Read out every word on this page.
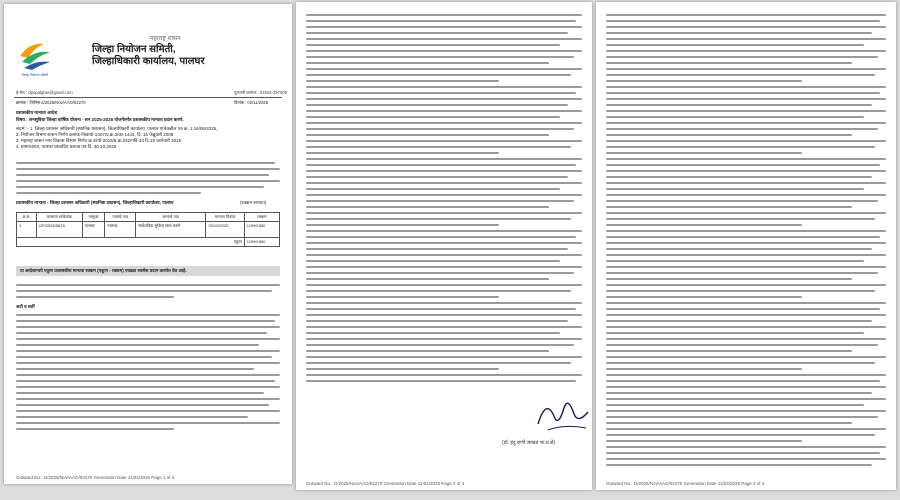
जिल्हा नियोजन समिती
महाराष्ट्र शासन
जिल्हा नियोजन समिती,
जिल्हाधिकारी कार्यालय, पालघर
ई-मेल : dpopalghar@gmail.com	दूरध्वनी क्रमांक : 02525-297009
क्रमांक : जिनिस-2/2025/Nov/AAO/02270	दिनांक : 02/11/2025
प्रशासकीय मान्यता आदेश
विषय : जनसुविधा जिल्हा वार्षिक योजना - सन 2025-2026 योजनेंतर्गत प्रशासकीय मान्यता प्रदान करणे.
संदर्भ :- 1. जिल्हा प्रशासन अधिकारी (स्थानिक प्रशासन), जिल्हाधिकारी कार्यालय, पालघर यांचेकडील पत्र क्र. 1 16/06/2025,
2. नियोजन विभाग शासन निर्णय क्रमांक-जिवायो-1007/प्र.क्र.3/का-1444, दि. 16 फेब्रुवारी 2008
3. महाराष्ट्र शासन नगर विकास विभाग निर्णय क्र.वरपो-2015/प्र.क्र.232/नवि-33 दि.18 जानेवारी 2016
4. ग्रामपंचायत, पालघर प्रस्तावित प्रस्ताव पत्र दि. 30.10.2025
प्रशासकीय मान्यता - जिल्हा प्रशासन अधिकारी (स्थानिक प्रशासन), जिल्हाधिकारी कार्यालय, पालघर	(रक्कम रुपयात)
अ.क्र.	कामाचा सांकेतांक	तालुका	गावाचे नाव	कामाचे नाव	मान्यता दिनांक	रक्कम
1	GP/2526/5878	पालघर	पालघर	सार्वजनिक सुविधा रस्ता करणे	29/10/2025	11999.560
एकूण						11999.560
या आदेशान्वये एकूण प्रशासकीय मान्यता रक्कम (एकूण - रक्कम) एवढ्या रकमेस प्रदान करणेत येत आहे.
अटी व शर्ती
Outward No.: O/2025/Nov/AAO/02270 Generation Date 11/02/2025 Page 1 of 4
Outward No.: O/2025/Nov/AAO/02270 Generation Date 11/02/2025 Page 2 of 4	Outward No.: O/2025/Nov/AAO/02270 Generation Date 11/02/2025 Page 3 of 4
(डॉ. इंदु राणी जाखड भा.प्र.से)
